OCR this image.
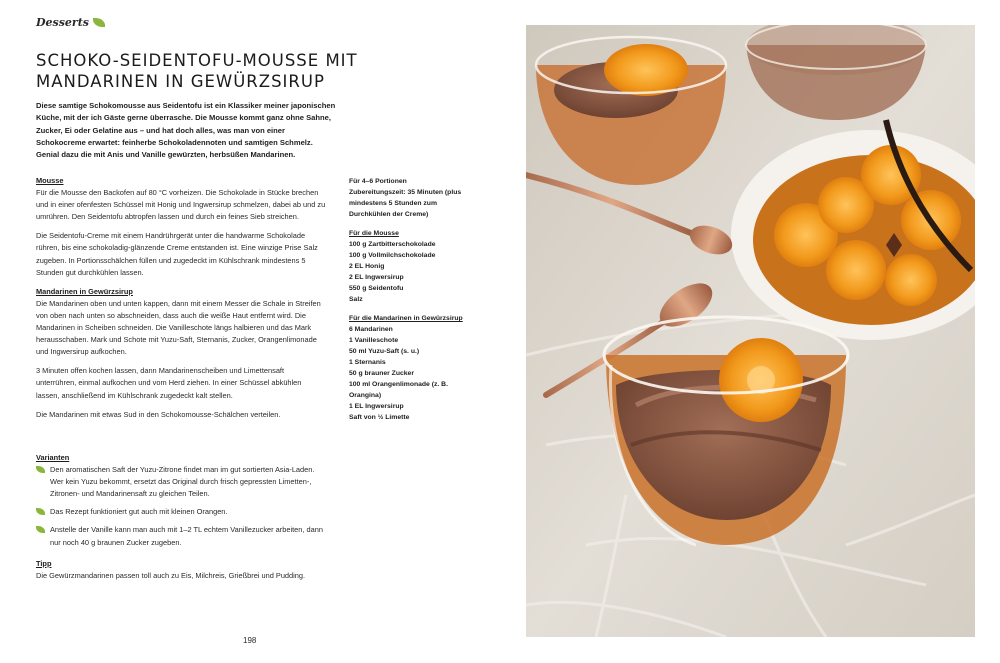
Desserts
SCHOKO-SEIDENTOFU-MOUSSE MIT
MANDARINEN IN GEWÜRZSIRUP

Diese samtige Schokomousse aus Seidentofu ist ein Klassiker meiner japonischen Küche, mit der ich Gäste gerne überrasche. Die Mousse kommt ganz ohne Sahne, Zucker, Ei oder Gelatine aus – und hat doch alles, was man von einer Schokocreme erwartet: feinherbe Schokoladennoten und samtigen Schmelz. Genial dazu die mit Anis und Vanille gewürzten, herbsüßen Mandarinen.

Mousse

Für die Mousse den Backofen auf 80 °C vorheizen. Die Schokolade in Stücke brechen und in einer ofenfesten Schüssel mit Honig und Ingwersirup schmelzen, dabei ab und zu umrühren. Den Seidentofu abtropfen lassen und durch ein feines Sieb streichen.

Die Seidentofu-Creme mit einem Handrührgerät unter die handwarme Schokolade rühren, bis eine schokoladig-glänzende Creme entstanden ist. Eine winzige Prise Salz zugeben. In Portionsschälchen füllen und zugedeckt im Kühlschrank mindestens 5 Stunden gut durchkühlen lassen.

Mandarinen in Gewürzsirup

Die Mandarinen oben und unten kappen, dann mit einem Messer die Schale in Streifen von oben nach unten so abschneiden, dass auch die weiße Haut entfernt wird. Die Mandarinen in Scheiben schneiden. Die Vanilleschote längs halbieren und das Mark herausschaben. Mark und Schote mit Yuzu-Saft, Sternanis, Zucker, Orangenlimonade und Ingwersirup aufkochen.

3 Minuten offen kochen lassen, dann Mandarinenscheiben und Limettensaft unterrühren, einmal aufkochen und vom Herd ziehen. In einer Schüssel abkühlen lassen, anschließend im Kühlschrank zugedeckt kalt stellen.

Die Mandarinen mit etwas Sud in den Schokomousse-Schälchen verteilen.

Varianten

Den aromatischen Saft der Yuzu-Zitrone findet man im gut sortierten Asia-Laden. Wer kein Yuzu bekommt, ersetzt das Original durch frisch gepressten Limetten-, Zitronen- und Mandarinensaft zu gleichen Teilen.
Das Rezept funktioniert gut auch mit kleinen Orangen.
Anstelle der Vanille kann man auch mit 1–2 TL echtem Vanillezucker arbeiten, dann nur noch 40 g braunen Zucker zugeben.

Tipp

Die Gewürzmandarinen passen toll auch zu Eis, Milchreis, Grießbrei und Pudding.

Für 4–6 Portionen
Zubereitungszeit: 35 Minuten (plus mindestens 5 Stunden zum Durchkühlen der Creme)
Für die Mousse
100 g Zartbitterschokolade
100 g Vollmilchschokolade
2 EL Honig
2 EL Ingwersirup
550 g Seidentofu
Salz
Für die Mandarinen in Gewürzsirup
6 Mandarinen
1 Vanilleschote
50 ml Yuzu-Saft (s. u.)
1 Sternanis
50 g brauner Zucker
100 ml Orangenlimonade (z. B. Orangina)
1 EL Ingwersirup
Saft von ½ Limette
198
